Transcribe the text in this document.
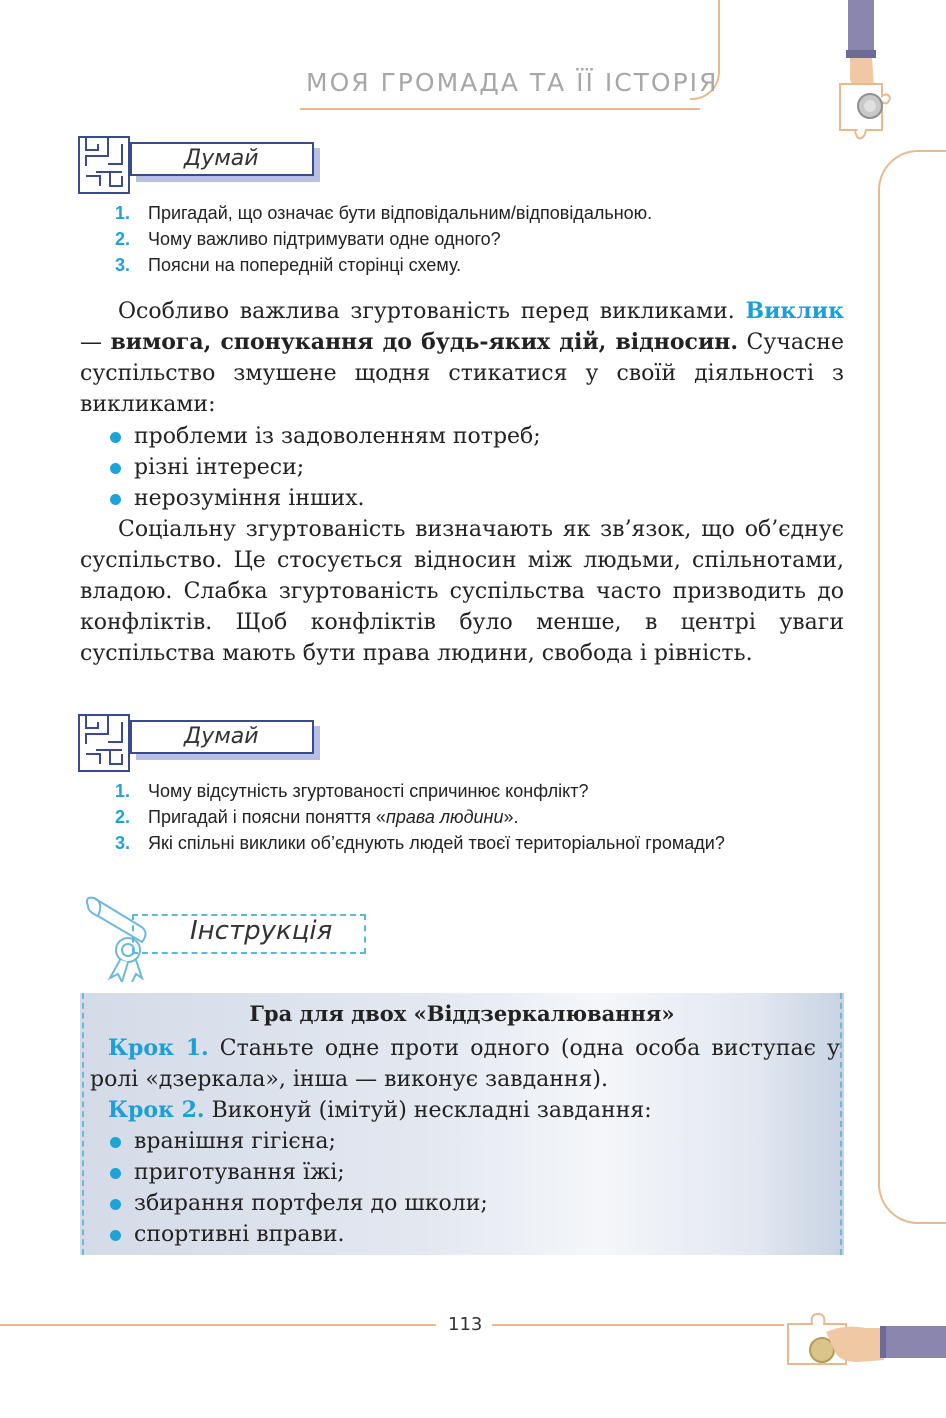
МОЯ ГРОМАДА ТА ЇЇ ІСТОРІЯ
Думай
1. Пригадай, що означає бути відповідальним/відповідальною.
2. Чому важливо підтримувати одне одного?
3. Поясни на попередній сторінці схему.

Особливо важлива згуртованість перед викликами. Виклик — вимога, спонукання до будь-яких дій, відносин. Сучасне суспільство змушене щодня стикатися у своїй діяльності з викликами:

проблеми із задоволенням потреб;
різні інтереси;
нерозуміння інших.

Соціальну згуртованість визначають як зв’язок, що об’єднує суспільство. Це стосується відносин між людьми, спільнотами, владою. Слабка згуртованість суспільства часто призводить до конфліктів. Щоб конфліктів було менше, в центрі уваги суспільства мають бути права людини, свобода і рівність.

Думай
1. Чому відсутність згуртованості спричинює конфлікт?
2. Пригадай і поясни поняття «права людини».
3. Які спільні виклики об’єднують людей твоєї територіальної громади?
Інструкція
Гра для двох «Віддзеркалювання»
Крок 1. Станьте одне проти одного (одна особа виступає у ролі «дзеркала», інша — виконує завдання).
Крок 2. Виконуй (імітуй) нескладні завдання:
вранішня гігієна;
приготування їжі;
збирання портфеля до школи;
спортивні вправи.
113
